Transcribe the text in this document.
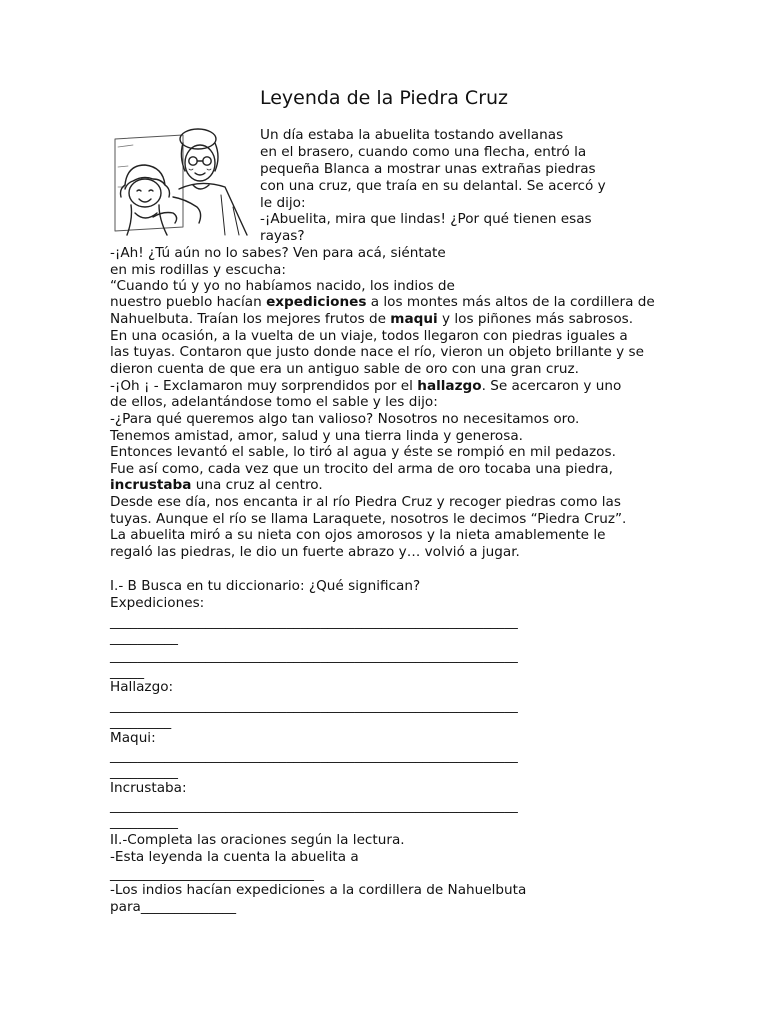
Leyenda de la Piedra Cruz

Un día estaba la abuelita tostando avellanas

en el brasero, cuando como una flecha, entró la

pequeña Blanca a mostrar unas extrañas piedras

con una cruz, que traía en su delantal. Se acercó y

le dijo:

-¡Abuelita, mira que lindas! ¿Por qué tienen esas

rayas?

-¡Ah! ¿Tú aún no lo sabes? Ven para acá, siéntate

en mis rodillas y escucha:

“Cuando tú y yo no habíamos nacido, los indios de

nuestro pueblo hacían expediciones a los montes más altos de la cordillera de

Nahuelbuta. Traían los mejores frutos de maqui y los piñones más sabrosos.

En una ocasión, a la vuelta de un viaje, todos llegaron con piedras iguales a

las tuyas. Contaron que justo donde nace el río, vieron un objeto brillante y se

dieron cuenta de que era un antiguo sable de oro con una gran cruz.

-¡Oh ¡ - Exclamaron muy sorprendidos por el hallazgo. Se acercaron y uno

de ellos, adelantándose tomo el sable y les dijo:

-¿Para qué queremos algo tan valioso? Nosotros no necesitamos oro.

Tenemos amistad, amor, salud y una tierra linda y generosa.

Entonces levantó el sable, lo tiró al agua y éste se rompió en mil pedazos.

Fue así como, cada vez que un trocito del arma de oro tocaba una piedra,

incrustaba una cruz al centro.

Desde ese día, nos encanta ir al río Piedra Cruz y recoger piedras como las

tuyas. Aunque el río se llama Laraquete, nosotros le decimos “Piedra Cruz”.

La abuelita miró a su nieta con ojos amorosos y la nieta amablemente le

regaló las piedras, le dio un fuerte abrazo y… volvió a jugar.

I.- B Busca en tu diccionario: ¿Qué significan?

Expediciones:

____________________________________________________________

__________

____________________________________________________________

_____

Hallazgo:

____________________________________________________________

_________

Maqui:

____________________________________________________________

__________

Incrustaba:

____________________________________________________________

__________

II.-Completa las oraciones según la lectura.

-Esta leyenda la cuenta la abuelita a

______________________________

-Los indios hacían expediciones a la cordillera de Nahuelbuta

para______________
